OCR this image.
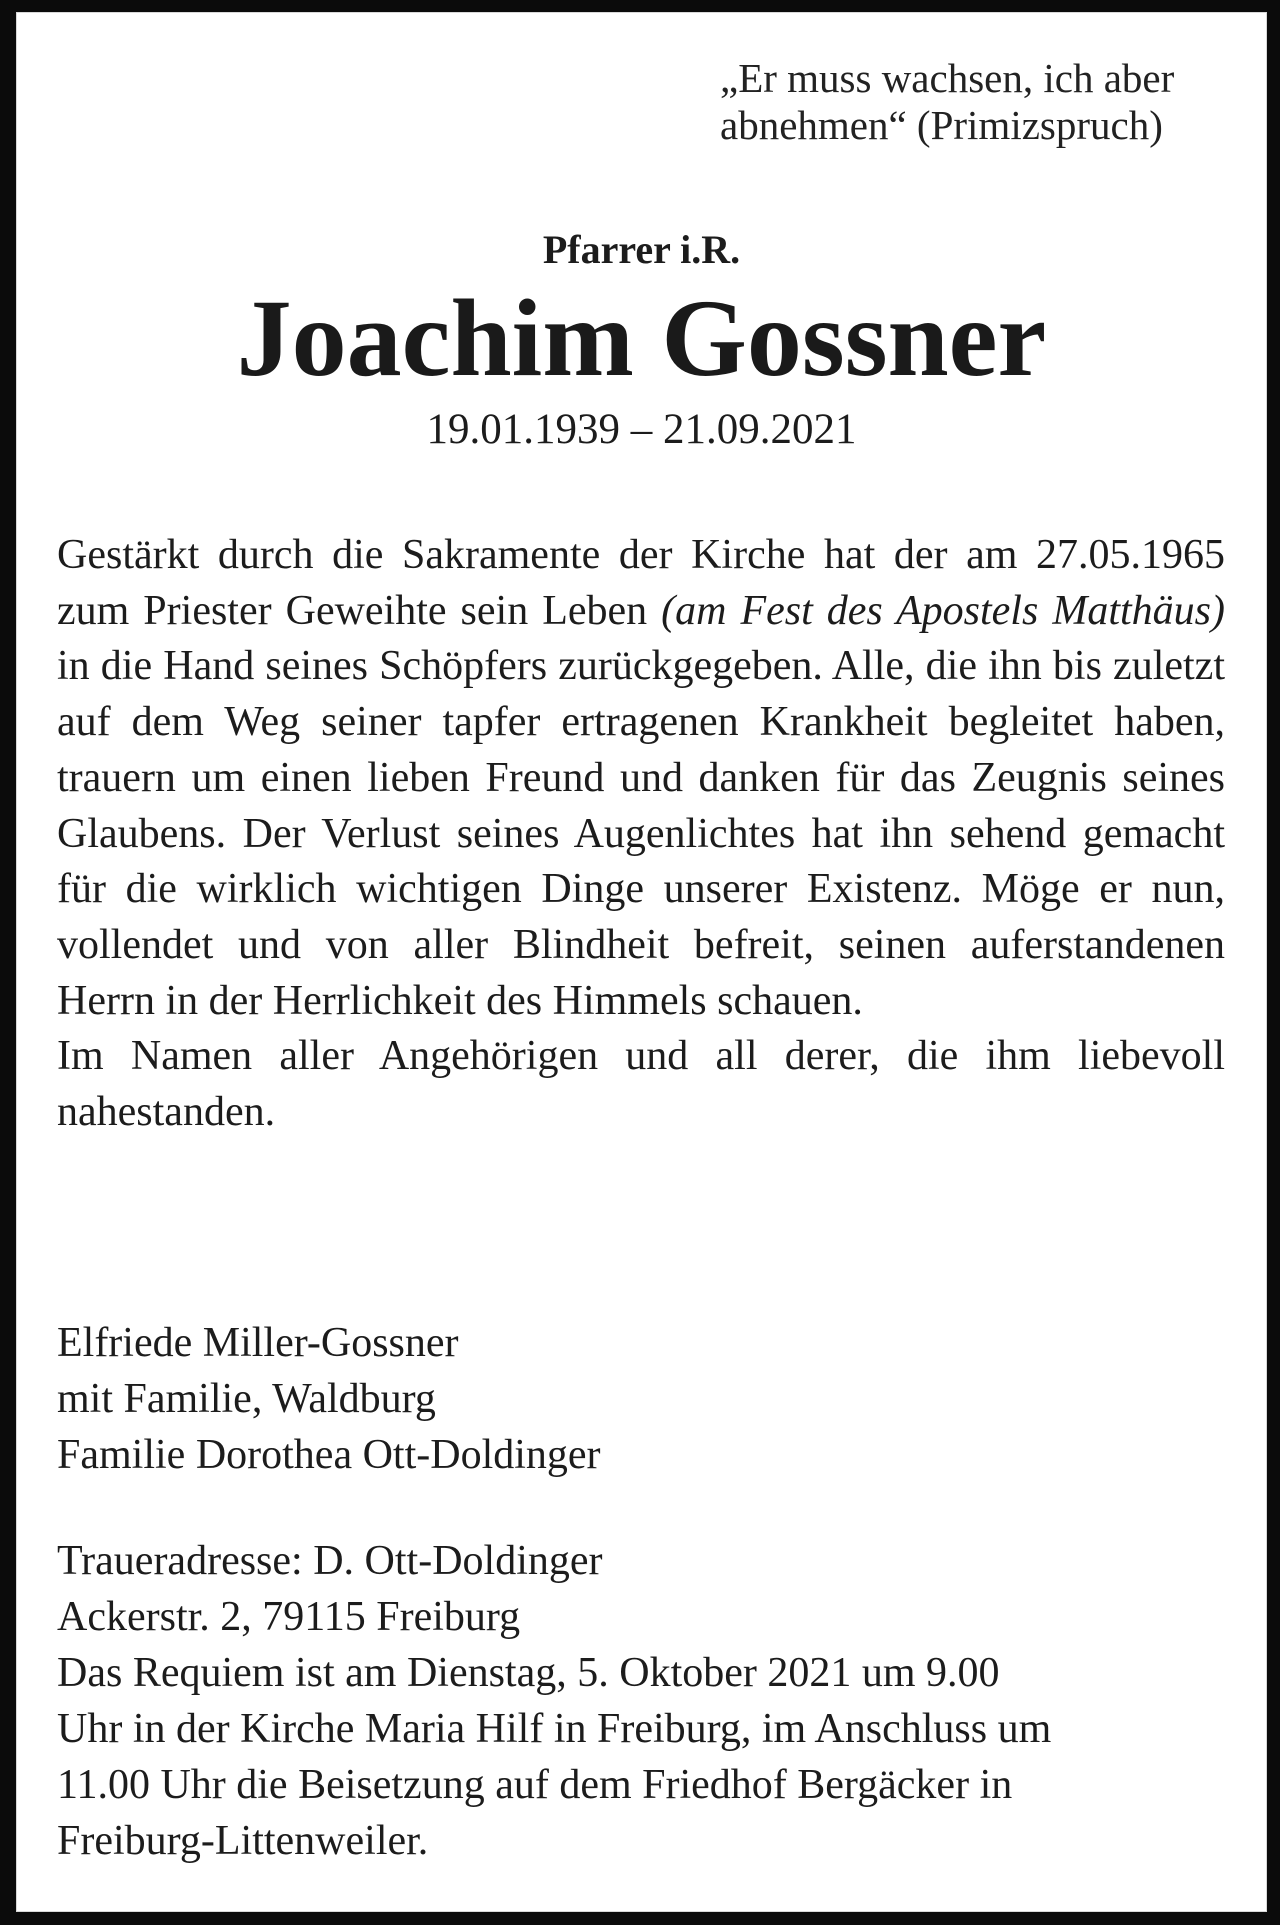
„Er muss wachsen, ich aber
abnehmen“ (Primizspruch)
Pfarrer i.R.
Joachim Gossner
19.01.1939 – 21.09.2021

Gestärkt durch die Sakramente der Kirche hat der am 27.05.1965 zum Priester Geweihte sein Leben (am Fest des Apostels Matthäus) in die Hand seines Schöpfers zurückgegeben. Alle, die ihn bis zuletzt auf dem Weg seiner tapfer ertragenen Krankheit begleitet haben, trauern um einen lieben Freund und danken für das Zeugnis seines Glaubens. Der Verlust seines Augenlichtes hat ihn sehend gemacht für die wirklich wichtigen Dinge unserer Existenz. Möge er nun, vollendet und von aller Blindheit befreit, seinen auferstandenen Herrn in der Herrlichkeit des Himmels schauen.

Im Namen aller Angehörigen und all derer, die ihm liebevoll nahestanden.

Elfriede Miller-Gossner
mit Familie, Waldburg
Familie Dorothea Ott-Doldinger
Traueradresse: D. Ott-Doldinger
Ackerstr. 2, 79115 Freiburg
Das Requiem ist am Dienstag, 5. Oktober 2021 um 9.00
Uhr in der Kirche Maria Hilf in Freiburg, im Anschluss um
11.00 Uhr die Beisetzung auf dem Friedhof Bergäcker in
Freiburg-Littenweiler.
